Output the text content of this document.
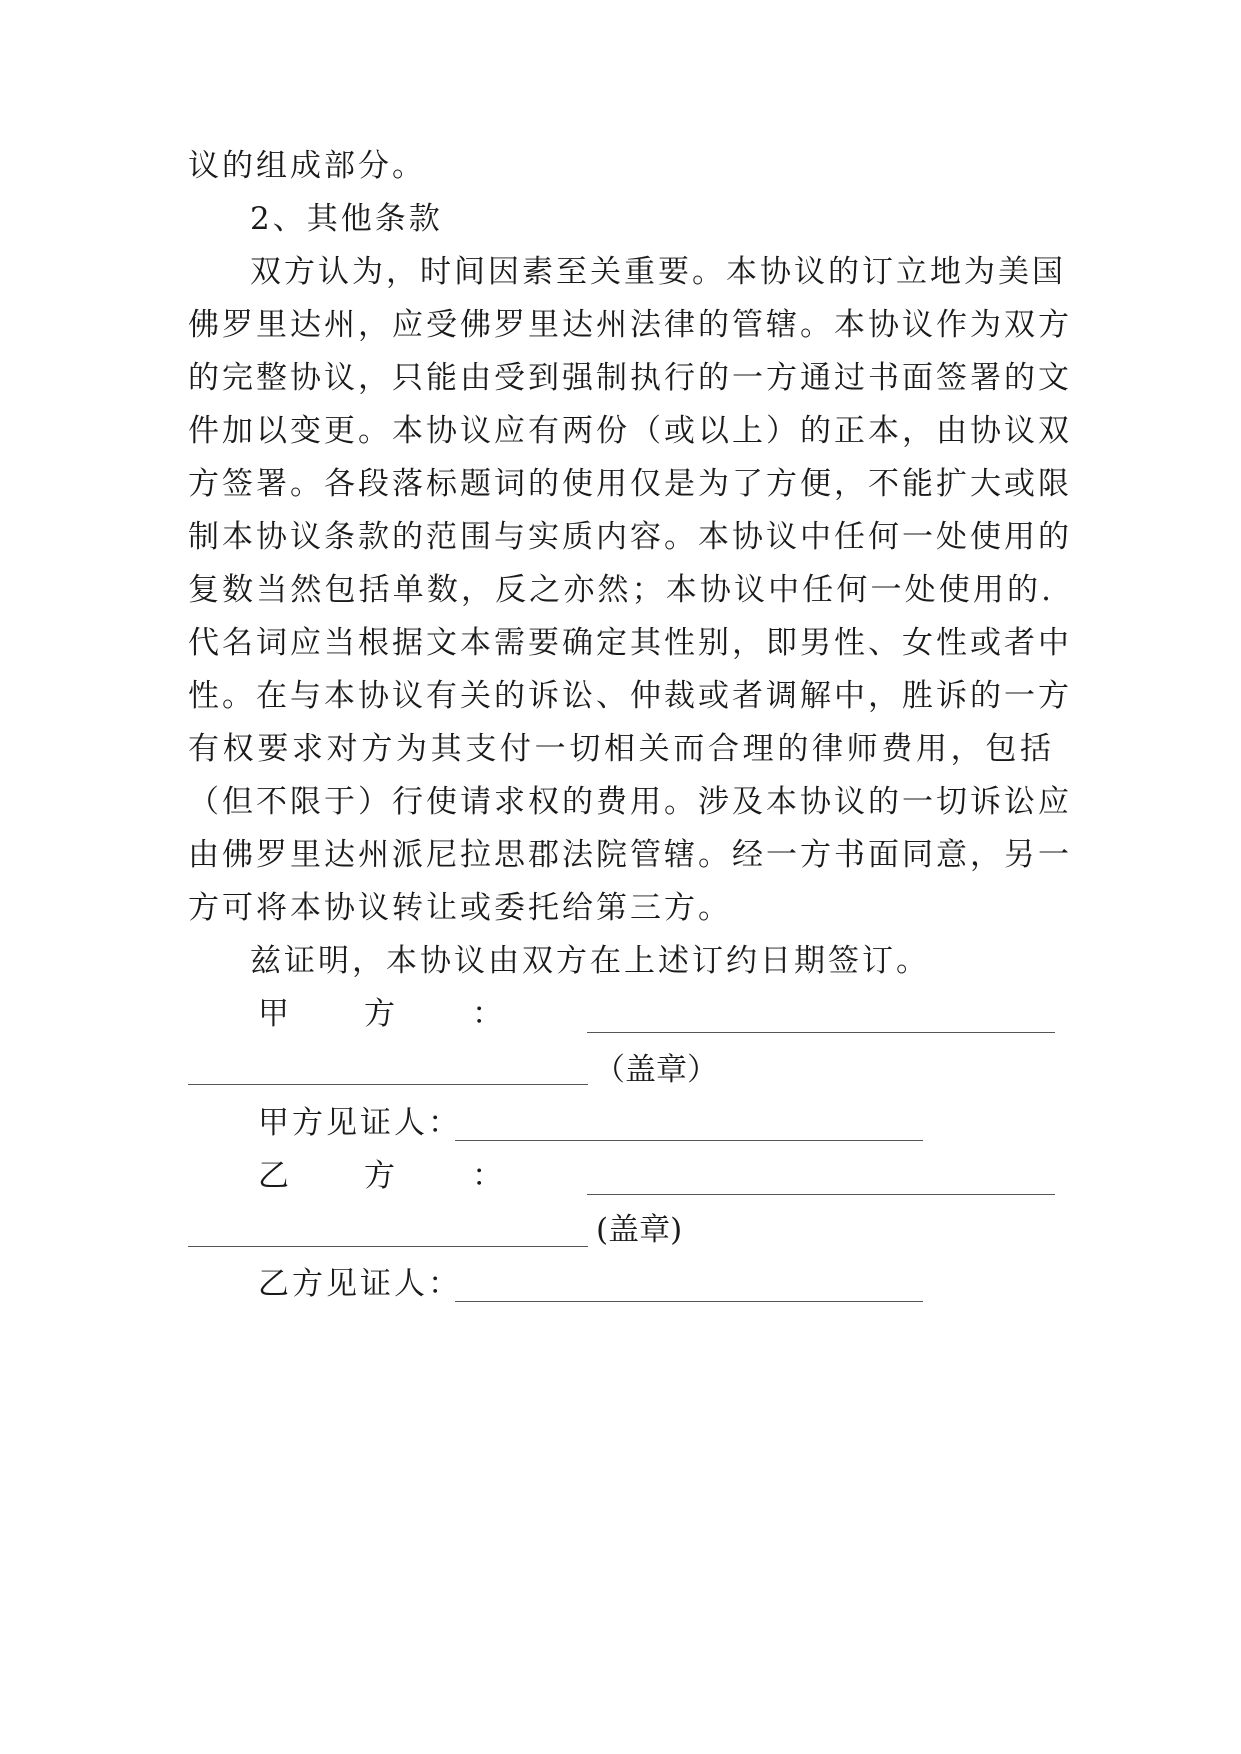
议的组成部分。
2、其他条款
双方认为，时间因素至关重要。本协议的订立地为美国
佛罗里达州，应受佛罗里达州法律的管辖。本协议作为双方
的完整协议，只能由受到强制执行的一方通过书面签署的文
件加以变更。本协议应有两份（或以上）的正本，由协议双
方签署。各段落标题词的使用仅是为了方便，不能扩大或限
制本协议条款的范围与实质内容。本协议中任何一处使用的
复数当然包括单数，反之亦然；本协议中任何一处使用的.
代名词应当根据文本需要确定其性别，即男性、女性或者中
性。在与本协议有关的诉讼、仲裁或者调解中，胜诉的一方
有权要求对方为其支付一切相关而合理的律师费用，包括
（但不限于）行使请求权的费用。涉及本协议的一切诉讼应
由佛罗里达州派尼拉思郡法院管辖。经一方书面同意，另一
方可将本协议转让或委托给第三方。
兹证明，本协议由双方在上述订约日期签订。
甲 方 ：
（盖章）
甲方见证人：
乙 方 ：
(盖章)
乙方见证人：
